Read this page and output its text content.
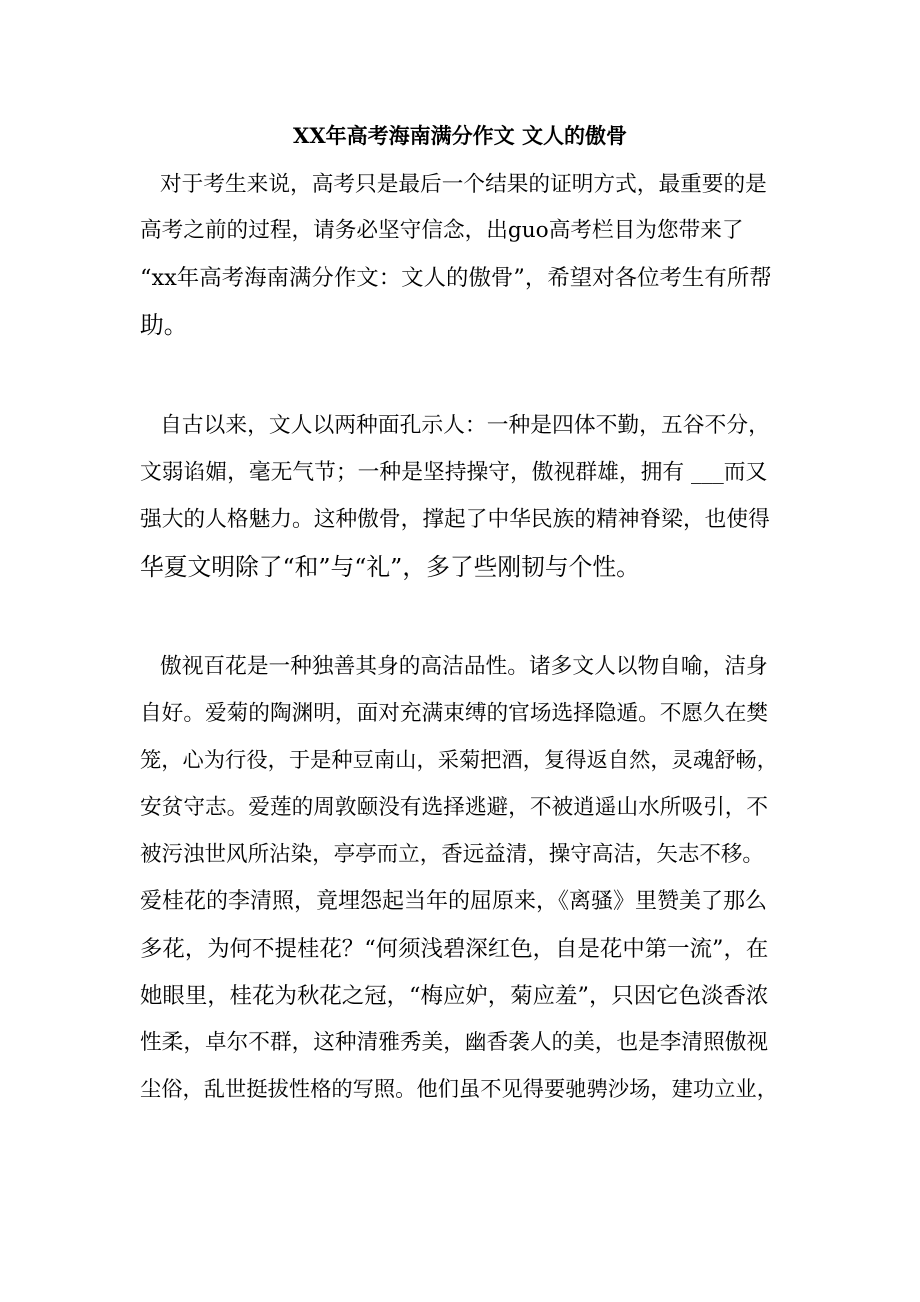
XX年高考海南满分作文 文人的傲骨

对于考生来说，高考只是最后一个结果的证明方式，最重要的是

高考之前的过程，请务必坚守信念，出guo高考栏目为您带来了

“xx年高考海南满分作文：文人的傲骨”，希望对各位考生有所帮

助。

自古以来，文人以两种面孔示人：一种是四体不勤，五谷不分，

文弱谄媚，毫无气节；一种是坚持操守，傲视群雄，拥有 ___而又

强大的人格魅力。这种傲骨，撑起了中华民族的精神脊梁，也使得

华夏文明除了“和”与“礼”，多了些刚韧与个性。

傲视百花是一种独善其身的高洁品性。诸多文人以物自喻，洁身

自好。爱菊的陶渊明，面对充满束缚的官场选择隐遁。不愿久在樊

笼，心为行役，于是种豆南山，采菊把酒，复得返自然，灵魂舒畅，

安贫守志。爱莲的周敦颐没有选择逃避，不被逍遥山水所吸引，不

被污浊世风所沾染，亭亭而立，香远益清，操守高洁，矢志不移。

爱桂花的李清照，竟埋怨起当年的屈原来，《离骚》里赞美了那么

多花，为何不提桂花？“何须浅碧深红色，自是花中第一流”，在

她眼里，桂花为秋花之冠，“梅应妒，菊应羞”，只因它色淡香浓

性柔，卓尔不群，这种清雅秀美，幽香袭人的美，也是李清照傲视

尘俗，乱世挺拔性格的写照。他们虽不见得要驰骋沙场，建功立业，
